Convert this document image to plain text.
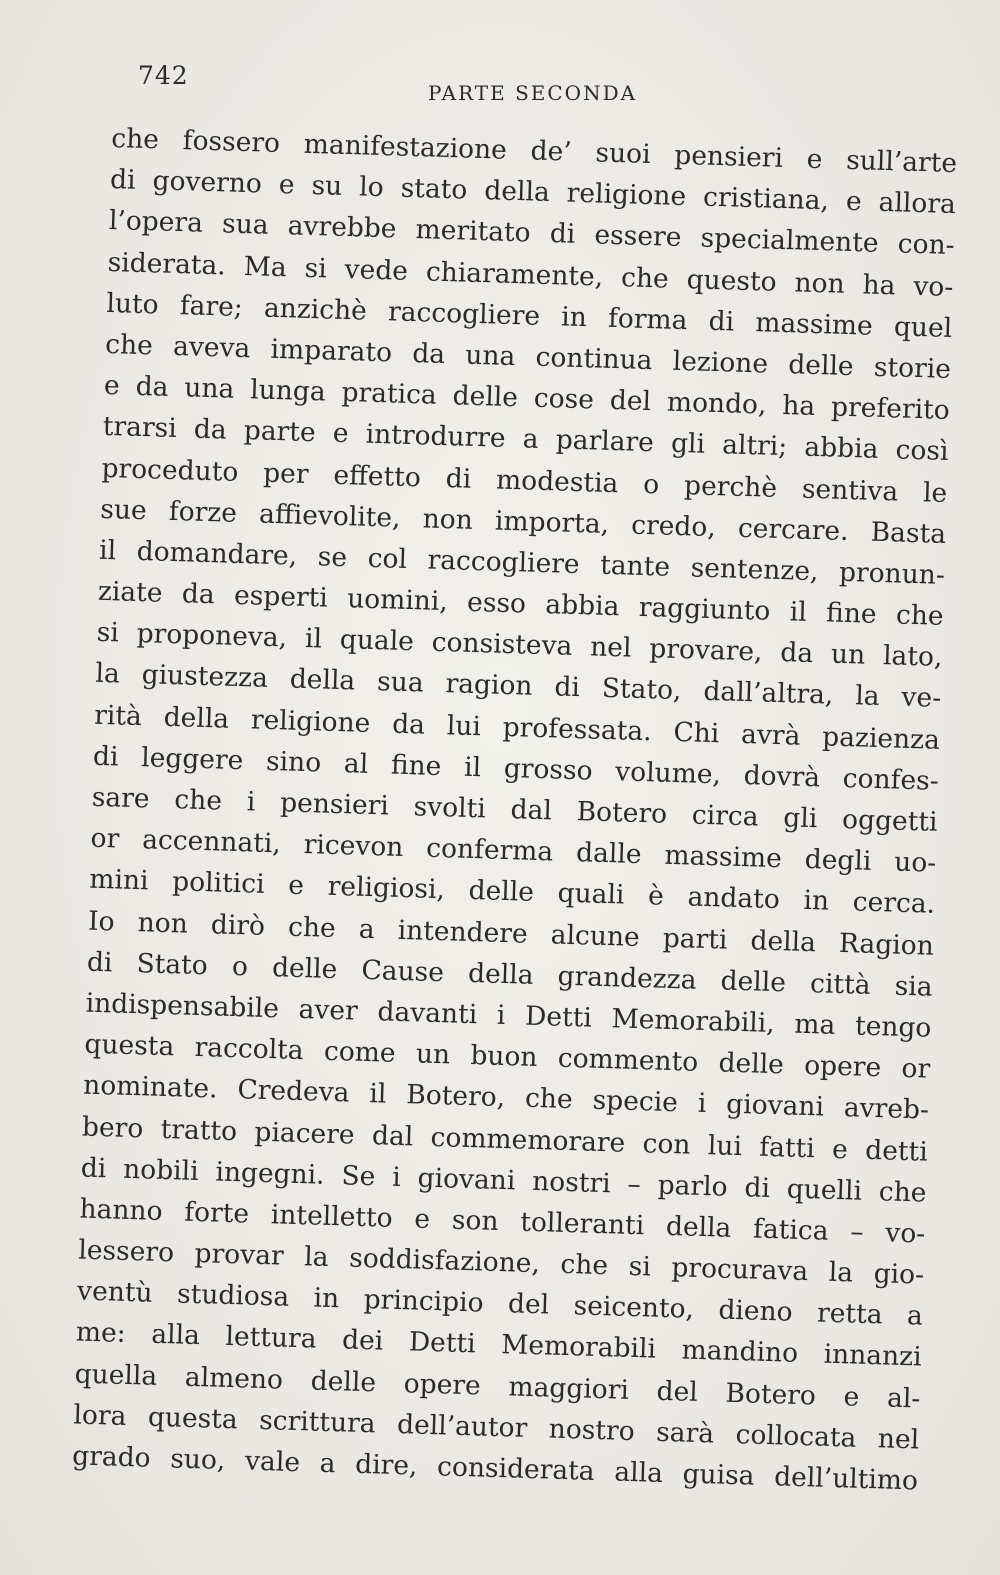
742
PARTE SECONDA
che fossero manifestazione de’ suoi pensieri e sull’arte
di governo e su lo stato della religione cristiana, e allora
l’opera sua avrebbe meritato di essere specialmente con-
siderata. Ma si vede chiaramente, che questo non ha vo-
luto fare; anzichè raccogliere in forma di massime quel
che aveva imparato da una continua lezione delle storie
e da una lunga pratica delle cose del mondo, ha preferito
trarsi da parte e introdurre a parlare gli altri; abbia così
proceduto per effetto di modestia o perchè sentiva le
sue forze affievolite, non importa, credo, cercare. Basta
il domandare, se col raccogliere tante sentenze, pronun-
ziate da esperti uomini, esso abbia raggiunto il fine che
si proponeva, il quale consisteva nel provare, da un lato,
la giustezza della sua ragion di Stato, dall’altra, la ve-
rità della religione da lui professata. Chi avrà pazienza
di leggere sino al fine il grosso volume, dovrà confes-
sare che i pensieri svolti dal Botero circa gli oggetti
or accennati, ricevon conferma dalle massime degli uo-
mini politici e religiosi, delle quali è andato in cerca.
Io non dirò che a intendere alcune parti della Ragion
di Stato o delle Cause della grandezza delle città sia
indispensabile aver davanti i Detti Memorabili, ma tengo
questa raccolta come un buon commento delle opere or
nominate. Credeva il Botero, che specie i giovani avreb-
bero tratto piacere dal commemorare con lui fatti e detti
di nobili ingegni. Se i giovani nostri – parlo di quelli che
hanno forte intelletto e son tolleranti della fatica – vo-
lessero provar la soddisfazione, che si procurava la gio-
ventù studiosa in principio del seicento, dieno retta a
me: alla lettura dei Detti Memorabili mandino innanzi
quella almeno delle opere maggiori del Botero e al-
lora questa scrittura dell’autor nostro sarà collocata nel
grado suo, vale a dire, considerata alla guisa dell’ultimo
